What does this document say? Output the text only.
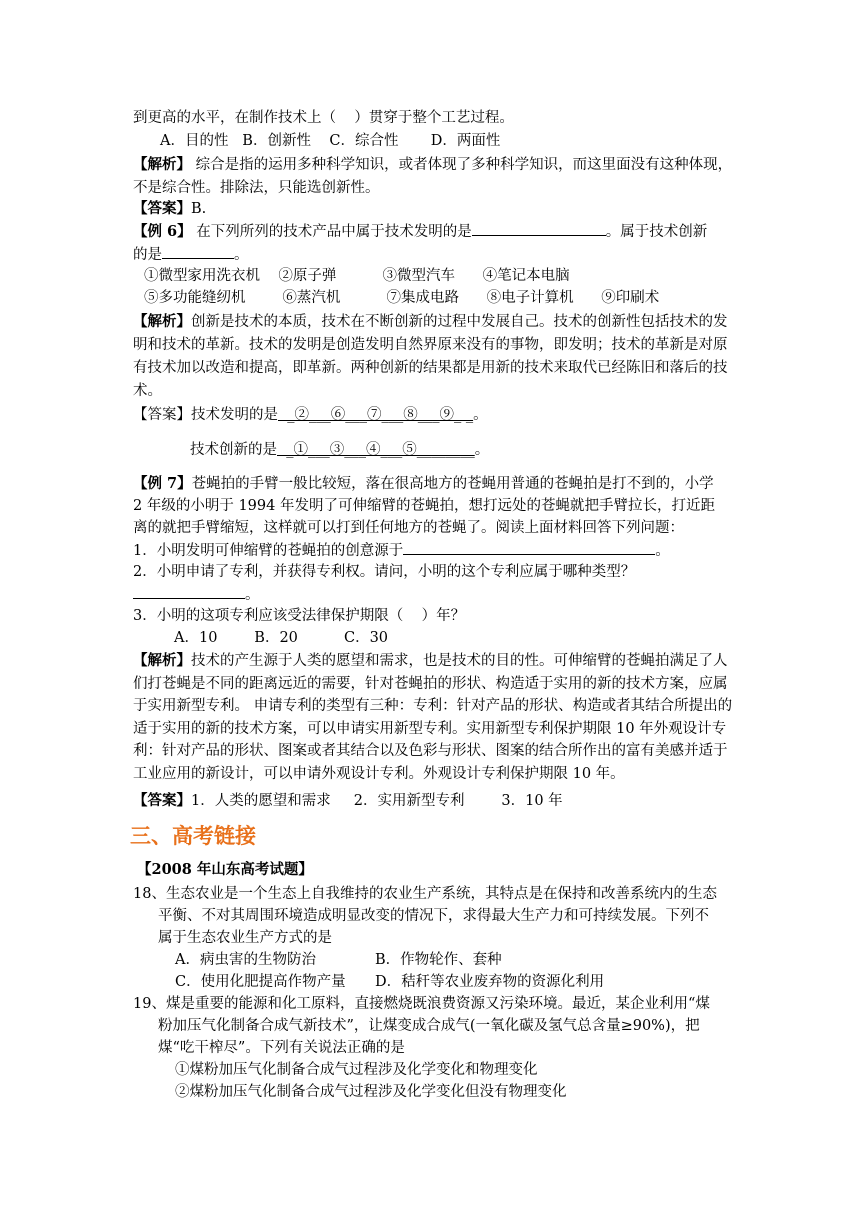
到更高的水平，在制作技术上（    ）贯穿于整个工艺过程。
A．目的性   B．创新性    C．综合性       D．两面性
【解析】 综合是指的运用多种科学知识，或者体现了多种科学知识，而这里面没有这种体现，不是综合性。排除法，只能选创新性。
【答案】B.
【例 6】 在下列所列的技术产品中属于技术发明的是	。属于技术创新
的是	。
①微型家用洗衣机    ②原子弹          ③微型汽车      ④笔记本电脑
⑤多功能缝纫机        ⑥蒸汽机          ⑦集成电路      ⑧电子计算机      ⑨印刷术
【解析】创新是技术的本质，技术在不断创新的过程中发展自己。技术的创新性包括技术的发明和技术的革新。技术的发明是创造发明自然界原来没有的事物，即发明；技术的革新是对原有技术加以改造和提高，即革新。两种创新的结果都是用新的技术来取代已经陈旧和落后的技术。
【答案】技术发明的是  _②___⑥___⑦___⑧___⑨_ _。
技术创新的是  _①___③___④___⑤________。
【例 7】苍蝇拍的手臂一般比较短，落在很高地方的苍蝇用普通的苍蝇拍是打不到的，小学
2 年级的小明于 1994 年发明了可伸缩臂的苍蝇拍，想打远处的苍蝇就把手臂拉长，打近距
离的就把手臂缩短，这样就可以打到任何地方的苍蝇了。阅读上面材料回答下列问题：
1．小明发明可伸缩臂的苍蝇拍的创意源于	。
2．小明申请了专利，并获得专利权。请问，小明的这个专利应属于哪种类型？
。
3．小明的这项专利应该受法律保护期限（    ）年？
A．10        B．20          C．30
【解析】技术的产生源于人类的愿望和需求，也是技术的目的性。可伸缩臂的苍蝇拍满足了人们打苍蝇是不同的距离远近的需要，针对苍蝇拍的形状、构造适于实用的新的技术方案，应属于实用新型专利。 申请专利的类型有三种：专利：针对产品的形状、构造或者其结合所提出的适于实用的新的技术方案，可以申请实用新型专利。实用新型专利保护期限 10 年外观设计专利：针对产品的形状、图案或者其结合以及色彩与形状、图案的结合所作出的富有美感并适于工业应用的新设计，可以申请外观设计专利。外观设计专利保护期限 10 年。
【答案】1．人类的愿望和需求     2．实用新型专利        3．10 年
三、高考链接
【2008 年山东高考试题】
18、生态农业是一个生态上自我维持的农业生产系统，其特点是在保持和改善系统内的生态
平衡、不对其周围环境造成明显改变的情况下，求得最大生产力和可持续发展。下列不
属于生态农业生产方式的是
A．病虫害的生物防治	B．作物轮作、套种
C．使用化肥提高作物产量 D．秸秆等农业废弃物的资源化利用
19、煤是重要的能源和化工原料，直接燃烧既浪费资源又污染环境。最近，某企业利用“煤
粉加压气化制备合成气新技术”，让煤变成合成气(一氧化碳及氢气总含量≥90%)，把
煤“吃干榨尽”。下列有关说法正确的是
①煤粉加压气化制备合成气过程涉及化学变化和物理变化
②煤粉加压气化制备合成气过程涉及化学变化但没有物理变化
